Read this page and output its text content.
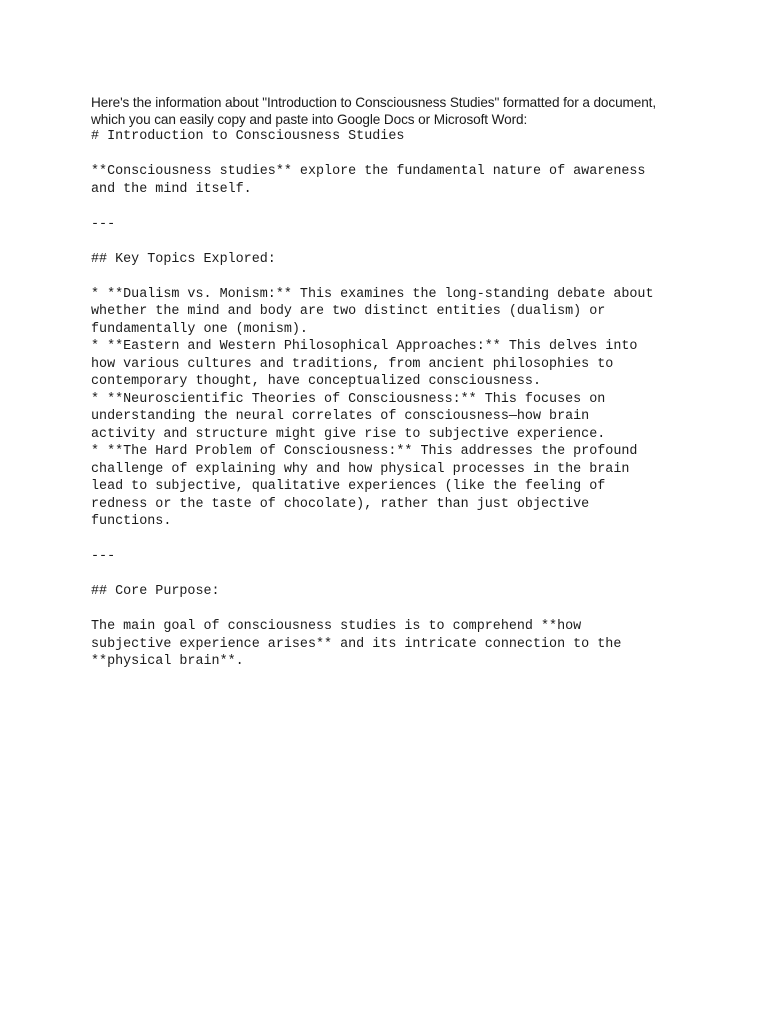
Here's the information about "Introduction to Consciousness Studies" formatted for a document,
which you can easily copy and paste into Google Docs or Microsoft Word:

# Introduction to Consciousness Studies

**Consciousness studies** explore the fundamental nature of awareness
and the mind itself.

---

## Key Topics Explored:

* **Dualism vs. Monism:** This examines the long-standing debate about
whether the mind and body are two distinct entities (dualism) or
fundamentally one (monism).
* **Eastern and Western Philosophical Approaches:** This delves into
how various cultures and traditions, from ancient philosophies to
contemporary thought, have conceptualized consciousness.
* **Neuroscientific Theories of Consciousness:** This focuses on
understanding the neural correlates of consciousness—how brain
activity and structure might give rise to subjective experience.
* **The Hard Problem of Consciousness:** This addresses the profound
challenge of explaining why and how physical processes in the brain
lead to subjective, qualitative experiences (like the feeling of
redness or the taste of chocolate), rather than just objective
functions.

---

## Core Purpose:

The main goal of consciousness studies is to comprehend **how
subjective experience arises** and its intricate connection to the
**physical brain**.
